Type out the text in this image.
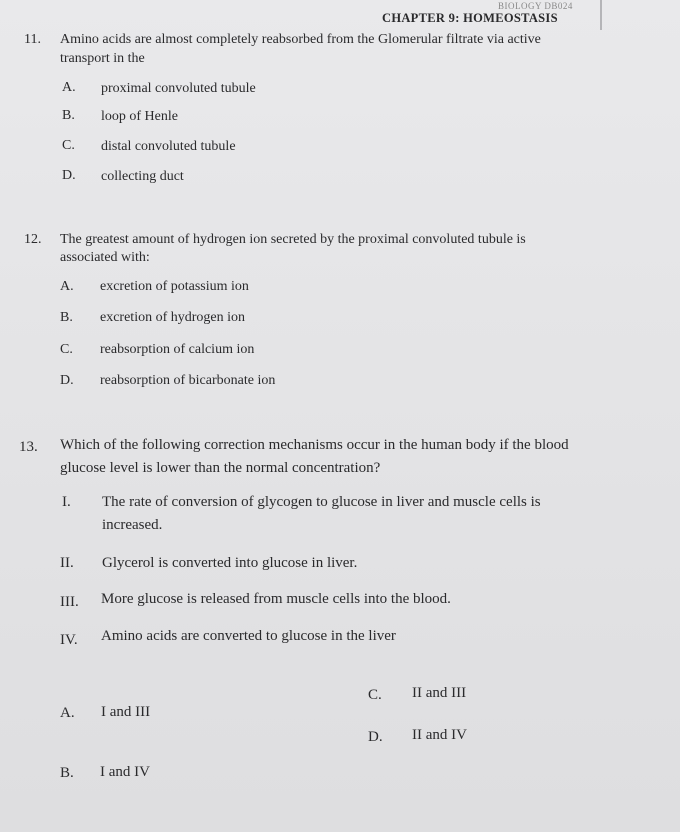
BIOLOGY DB024
CHAPTER 9: HOMEOSTASIS
11. Amino acids are almost completely reabsorbed from the Glomerular filtrate via active
transport in the
A. proximal convoluted tubule
B. loop of Henle
C. distal convoluted tubule
D. collecting duct
12. The greatest amount of hydrogen ion secreted by the proximal convoluted tubule is
associated with:
A. excretion of potassium ion
B. excretion of hydrogen ion
C. reabsorption of calcium ion
D. reabsorption of bicarbonate ion
13. Which of the following correction mechanisms occur in the human body if the blood
glucose level is lower than the normal concentration?
I. The rate of conversion of glycogen to glucose in liver and muscle cells is
increased.
II. Glycerol is converted into glucose in liver.
III. More glucose is released from muscle cells into the blood.
IV. Amino acids are converted to glucose in the liver
A. I and III
B. I and IV
C. II and III
D. II and IV
